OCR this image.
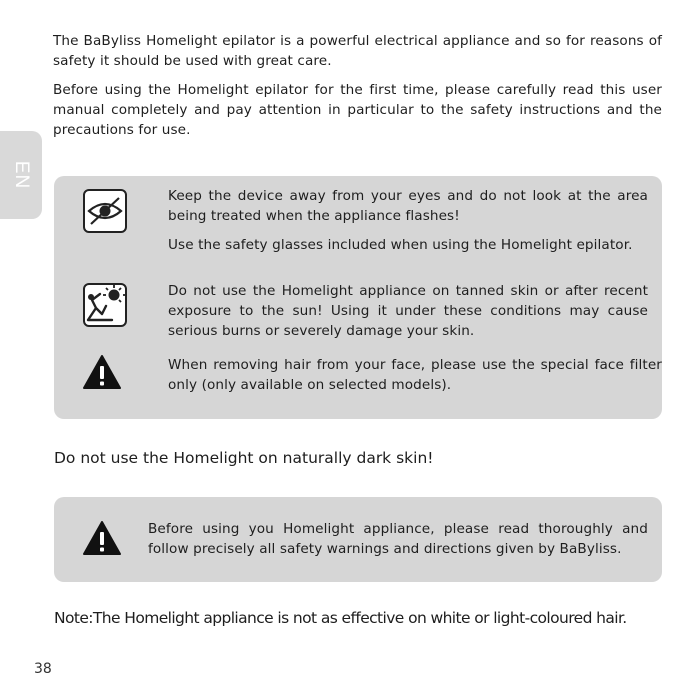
EN

The BaByliss Homelight epilator is a powerful electrical appliance and so for reasons of safety it should be used with great care.

Before using the Homelight epilator for the first time, please carefully read this user manual completely and pay attention in particular to the safety instructions and the precautions for use.

Keep the device away from your eyes and do not look at the area being treated when the appliance flashes!

Use the safety glasses included when using the Homelight epilator.

Do not use the Homelight appliance on tanned skin or after recent exposure to the sun! Using it under these conditions may cause serious burns or severely damage your skin.

When removing hair from your face, please use the special face filter only (only available on selected models).

Do not use the Homelight on naturally dark skin!

Before using you Homelight appliance, please read thoroughly and follow precisely all safety warnings and directions given by BaByliss.

Note:The Homelight appliance is not as effective on white or light-coloured hair.

38
